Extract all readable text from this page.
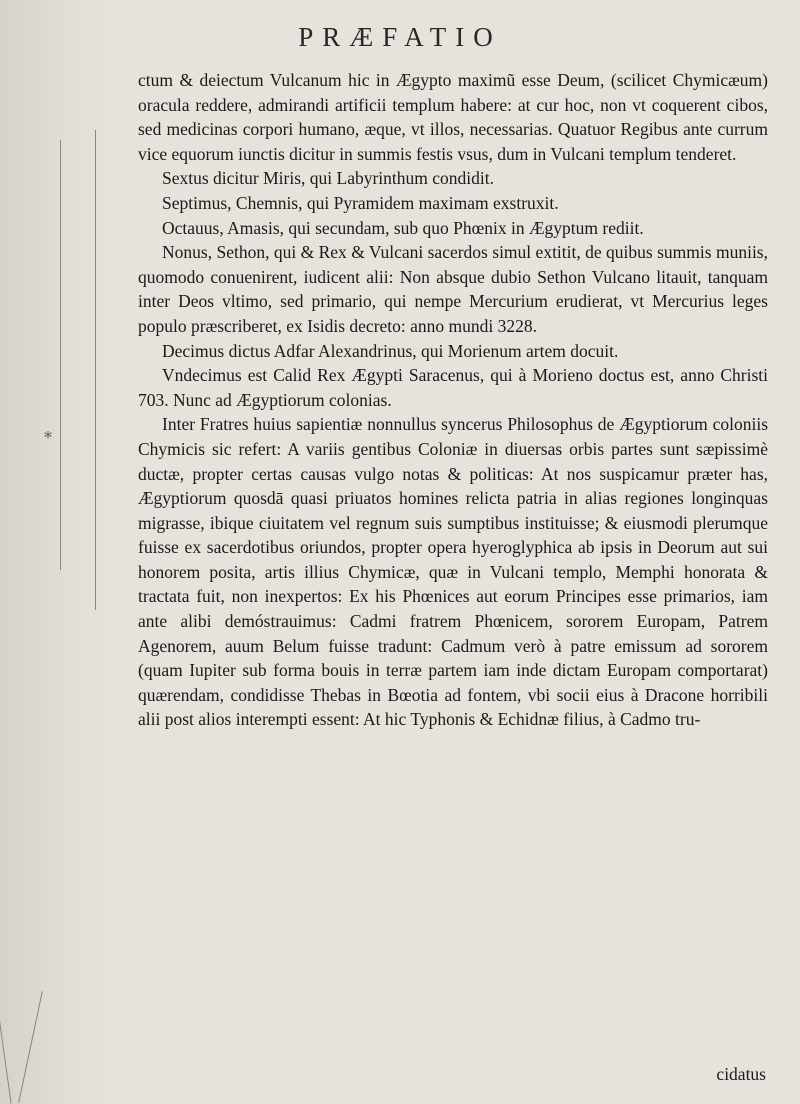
*
PRÆFATIO

ctum & deiectum Vulcanum hic in Ægypto maximũ esse Deum, (scilicet Chymicæum) oracula reddere, admirandi artificii templum habere: at cur hoc, non vt coquerent cibos, sed medicinas corpori humano, æque, vt illos, necessarias. Quatuor Regibus ante currum vice equorum iunctis dicitur in summis festis vsus, dum in Vulcani templum tenderet.

Sextus dicitur Miris, qui Labyrinthum condidit.

Septimus, Chemnis, qui Pyramidem maximam exstruxit.

Octauus, Amasis, qui secundam, sub quo Phœnix in Ægyptum rediit.

Nonus, Sethon, qui & Rex & Vulcani sacerdos simul extitit, de quibus summis muniis, quomodo conuenirent, iudicent alii: Non absque dubio Sethon Vulcano litauit, tanquam inter Deos vltimo, sed primario, qui nempe Mercurium erudierat, vt Mercurius leges populo præscriberet, ex Isidis decreto: anno mundi 3228.

Decimus dictus Adfar Alexandrinus, qui Morienum artem docuit.

Vndecimus est Calid Rex Ægypti Saracenus, qui à Morieno doctus est, anno Christi 703. Nunc ad Ægyptiorum colonias.

Inter Fratres huius sapientiæ nonnullus syncerus Philosophus de Ægyptiorum coloniis Chymicis sic refert: A variis gentibus Coloniæ in diuersas orbis partes sunt sæpissimè ductæ, propter certas causas vulgo notas & politicas: At nos suspicamur præter has, Ægyptiorum quosdā quasi priuatos homines relicta patria in alias regiones longinquas migrasse, ibique ciuitatem vel regnum suis sumptibus instituisse; & eiusmodi plerumque fuisse ex sacerdotibus oriundos, propter opera hyeroglyphica ab ipsis in Deorum aut sui honorem posita, artis illius Chymicæ, quæ in Vulcani templo, Memphi honorata & tractata fuit, non inexpertos: Ex his Phœnices aut eorum Principes esse primarios, iam ante alibi demóstrauimus: Cadmi fratrem Phœnicem, sororem Europam, Patrem Agenorem, auum Belum fuisse tradunt: Cadmum verò à patre emissum ad sororem (quam Iupiter sub forma bouis in terræ partem iam inde dictam Europam comportarat) quærendam, condidisse Thebas in Bœotia ad fontem, vbi socii eius à Dracone horribili alii post alios interempti essent: At hic Typhonis & Echidnæ filius, à Cadmo tru-

cidatus
